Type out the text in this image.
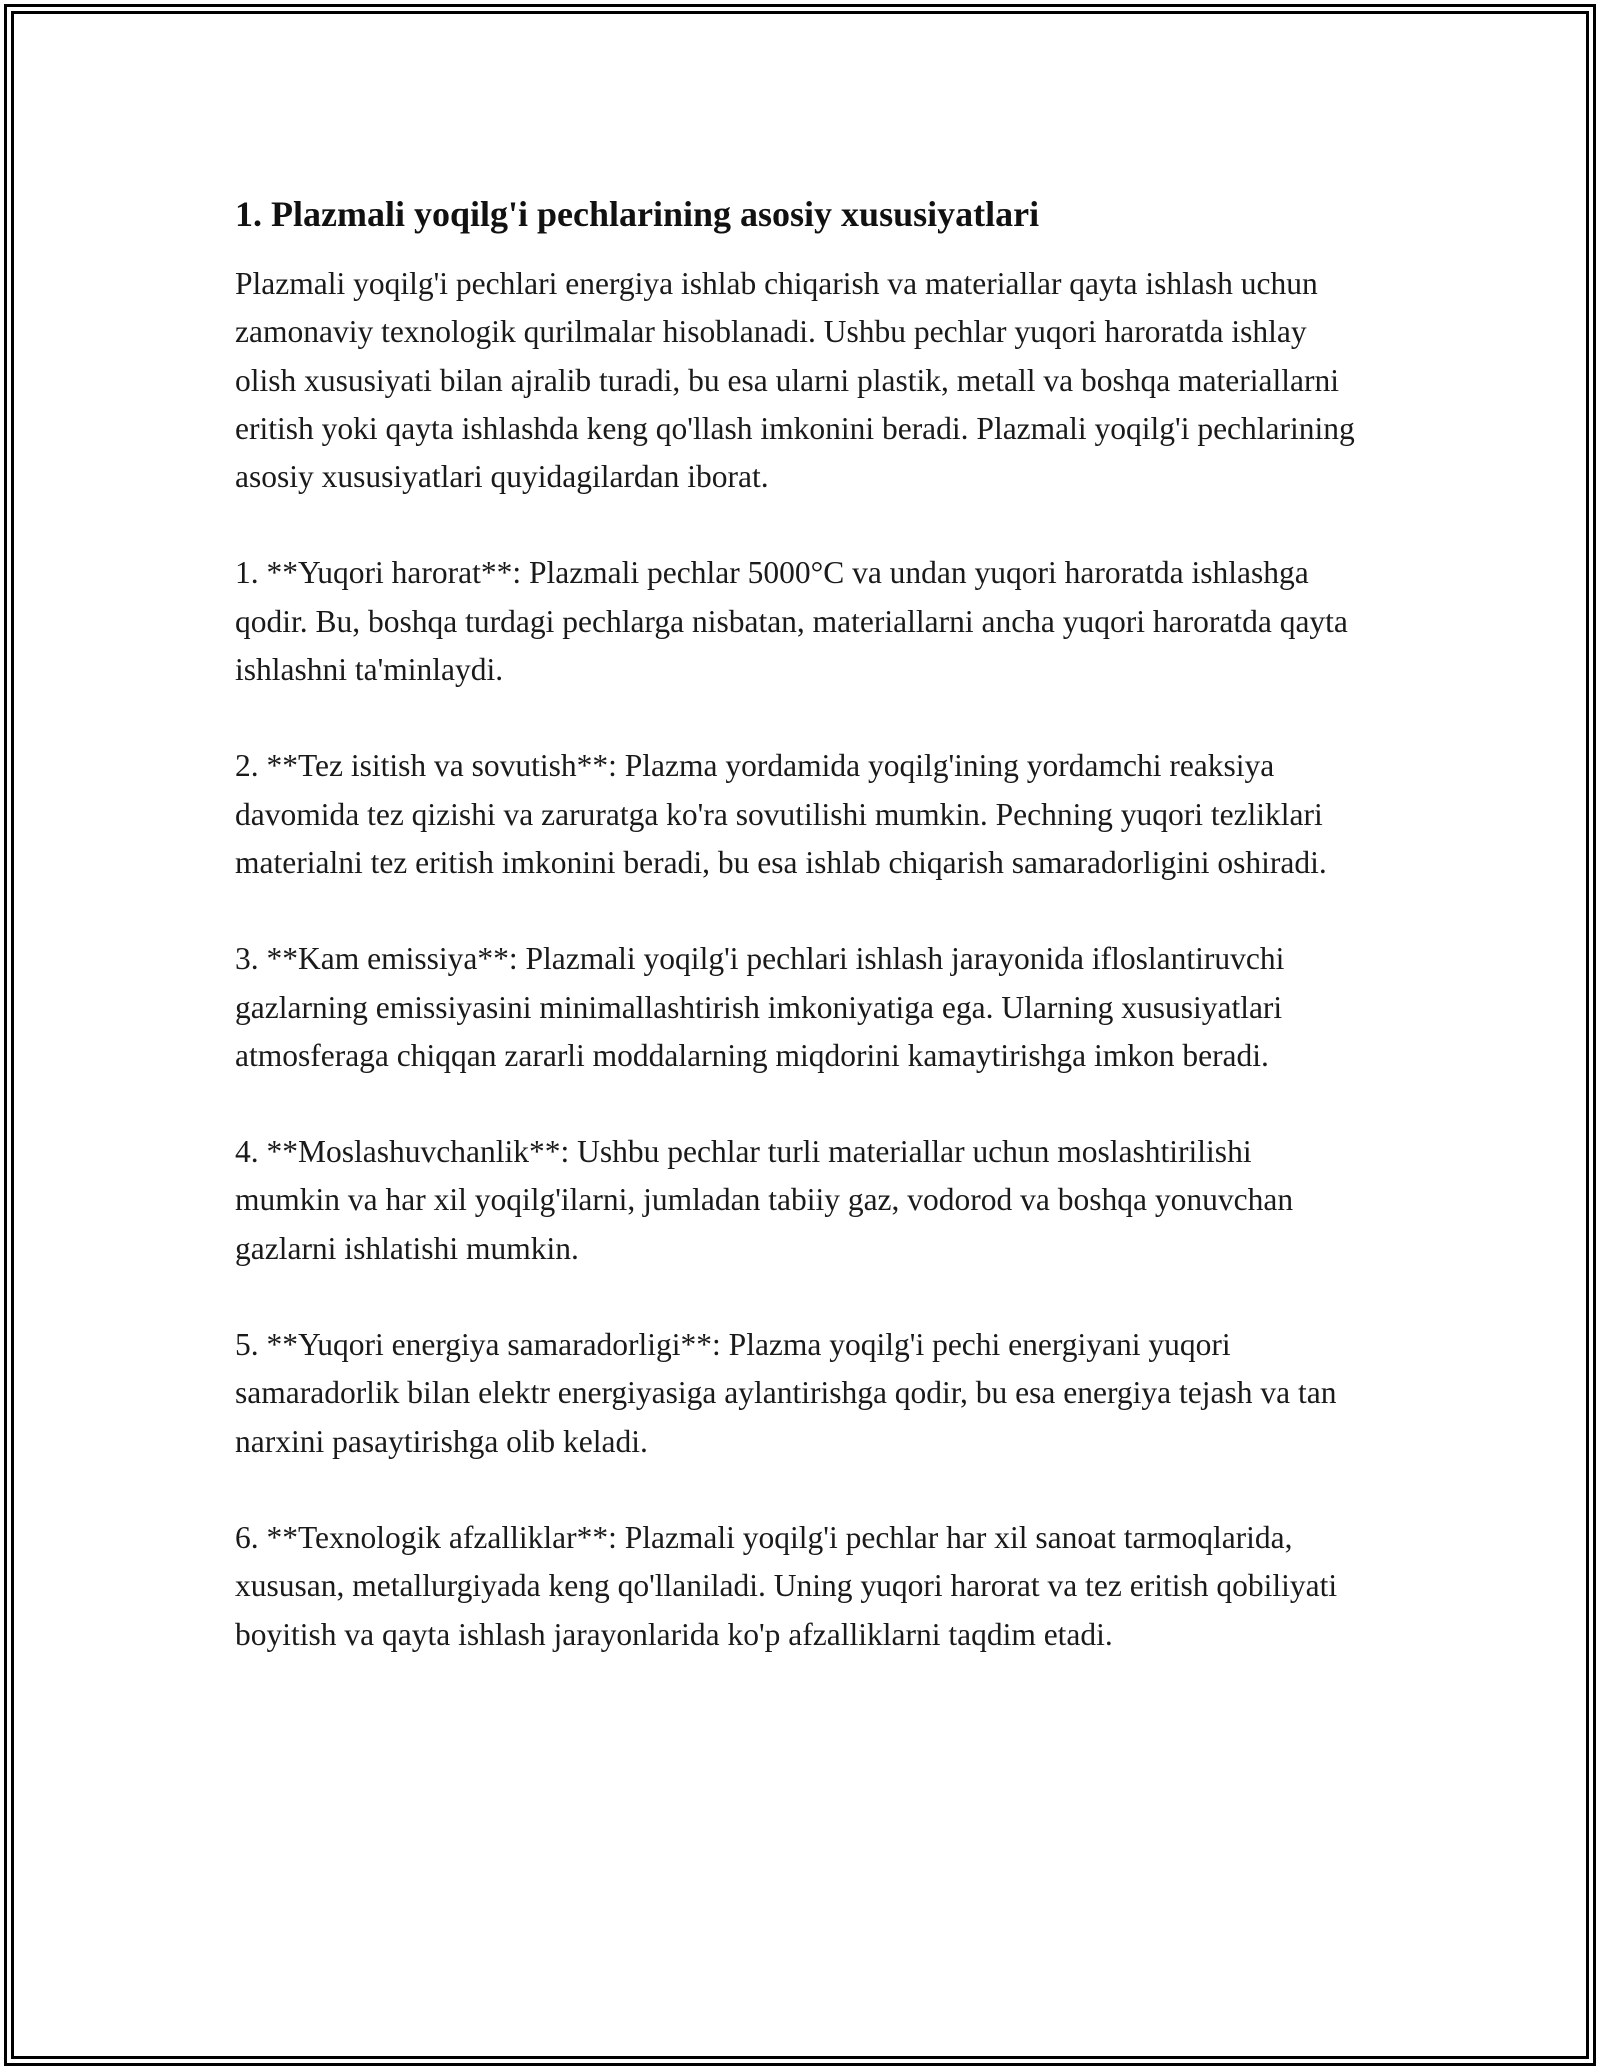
1. Plazmali yoqilg'i pechlarining asosiy xususiyatlari

Plazmali yoqilg'i pechlari energiya ishlab chiqarish va materiallar qayta ishlash uchun zamonaviy texnologik qurilmalar hisoblanadi. Ushbu pechlar yuqori haroratda ishlay olish xususiyati bilan ajralib turadi, bu esa ularni plastik, metall va boshqa materiallarni eritish yoki qayta ishlashda keng qo'llash imkonini beradi. Plazmali yoqilg'i pechlarining asosiy xususiyatlari quyidagilardan iborat.

1. **Yuqori harorat**: Plazmali pechlar 5000°C va undan yuqori haroratda ishlashga qodir. Bu, boshqa turdagi pechlarga nisbatan, materiallarni ancha yuqori haroratda qayta ishlashni ta'minlaydi.

2. **Tez isitish va sovutish**: Plazma yordamida yoqilg'ining yordamchi reaksiya davomida tez qizishi va zaruratga ko'ra sovutilishi mumkin. Pechning yuqori tezliklari materialni tez eritish imkonini beradi, bu esa ishlab chiqarish samaradorligini oshiradi.

3. **Kam emissiya**: Plazmali yoqilg'i pechlari ishlash jarayonida ifloslantiruvchi gazlarning emissiyasini minimallashtirish imkoniyatiga ega. Ularning xususiyatlari atmosferaga chiqqan zararli moddalarning miqdorini kamaytirishga imkon beradi.

4. **Moslashuvchanlik**: Ushbu pechlar turli materiallar uchun moslashtirilishi mumkin va har xil yoqilg'ilarni, jumladan tabiiy gaz, vodorod va boshqa yonuvchan gazlarni ishlatishi mumkin.

5. **Yuqori energiya samaradorligi**: Plazma yoqilg'i pechi energiyani yuqori samaradorlik bilan elektr energiyasiga aylantirishga qodir, bu esa energiya tejash va tan narxini pasaytirishga olib keladi.

6. **Texnologik afzalliklar**: Plazmali yoqilg'i pechlar har xil sanoat tarmoqlarida, xususan, metallurgiyada keng qo'llaniladi. Uning yuqori harorat va tez eritish qobiliyati boyitish va qayta ishlash jarayonlarida ko'p afzalliklarni taqdim etadi.
